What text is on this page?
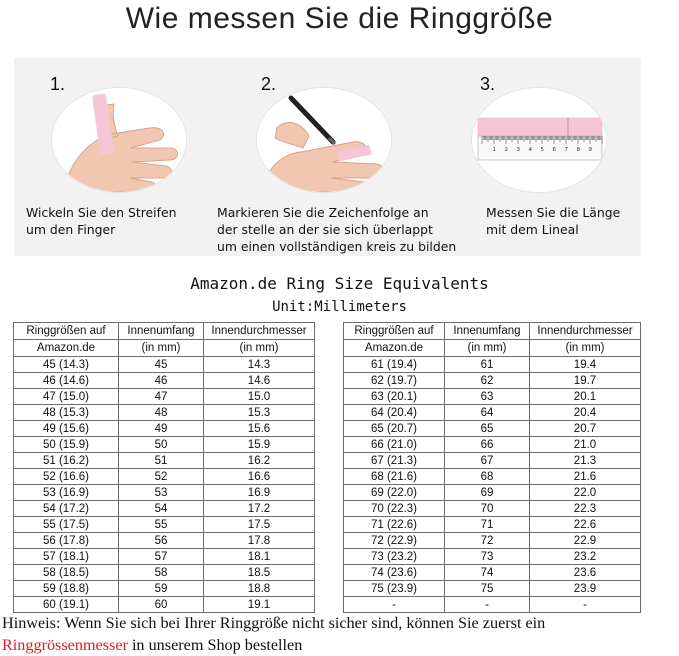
Wie messen Sie die Ringgröße
1.
Wickeln Sie den Streifen
um den Finger
2.
Markieren Sie die Zeichenfolge an
der stelle an der sie sich überlappt
um einen vollständigen kreis zu bilden
3.
1 2 3 4 5 6 7 8 9
Messen Sie die Länge
mit dem Lineal
Amazon.de Ring Size Equivalents
Unit:Millimeters
Ringgrößen auf	Innenumfang	Innendurchmesser
Amazon.de	(in mm)	(in mm)
45 (14.3)	45	14.3
46 (14.6)	46	14.6
47 (15.0)	47	15.0
48 (15.3)	48	15.3
49 (15.6)	49	15.6
50 (15.9)	50	15.9
51 (16.2)	51	16.2
52 (16.6)	52	16.6
53 (16.9)	53	16.9
54 (17.2)	54	17.2
55 (17.5)	55	17.5
56 (17.8)	56	17.8
57 (18.1)	57	18.1
58 (18.5)	58	18.5
59 (18.8)	59	18.8
60 (19.1)	60	19.1
Ringgrößen auf	Innenumfang	Innendurchmesser
Amazon.de	(in mm)	(in mm)
61 (19.4)	61	19.4
62 (19.7)	62	19.7
63 (20.1)	63	20.1
64 (20.4)	64	20.4
65 (20.7)	65	20.7
66 (21.0)	66	21.0
67 (21.3)	67	21.3
68 (21.6)	68	21.6
69 (22.0)	69	22.0
70 (22.3)	70	22.3
71 (22.6)	71	22.6
72 (22.9)	72	22.9
73 (23.2)	73	23.2
74 (23.6)	74	23.6
75 (23.9)	75	23.9
-	-	-
Hinweis: Wenn Sie sich bei Ihrer Ringgröße nicht sicher sind, können Sie zuerst ein
Ringgrössenmesser in unserem Shop bestellen
